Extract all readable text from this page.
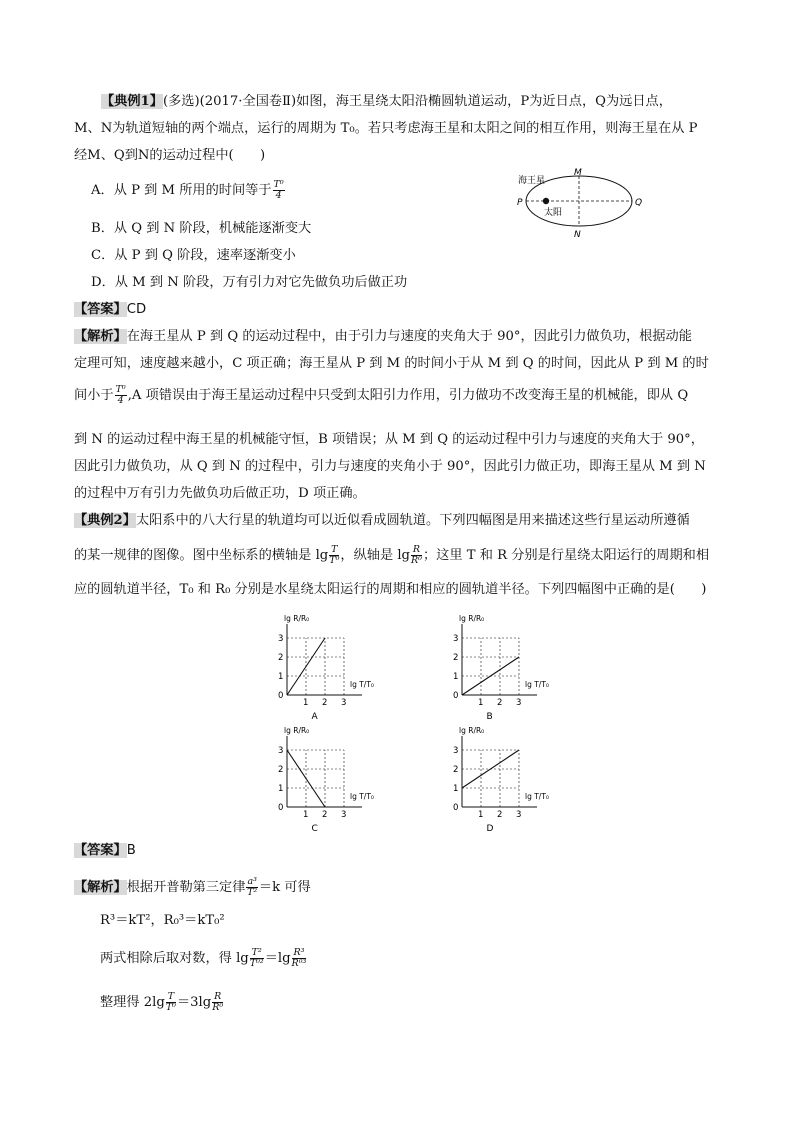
【典例1】(多选)(2017·全国卷Ⅱ)如图，海王星绕太阳沿椭圆轨道运动，P为近日点，Q为远日点，
M、N为轨道短轴的两个端点，运行的周期为 T₀。若只考虑海王星和太阳之间的相互作用，则海王星在从 P
经M、Q到N的运动过程中(　　)
A．从 P 到 M 所用的时间等于 $\frac{\text{T⁰}}{4}$
B．从 Q 到 N 阶段，机械能逐渐变大
C．从 P 到 Q 阶段，速率逐渐变小
D．从 M 到 N 阶段，万有引力对它先做负功后做正功
海王星
太阳
M
N
P	Q
【答案】CD
【解析】在海王星从 P 到 Q 的运动过程中，由于引力与速度的夹角大于 90°，因此引力做负功，根据动能
定理可知，速度越来越小，C 项正确；海王星从 P 到 M 的时间小于从 M 到 Q 的时间，因此从 P 到 M 的时
间小于 $\frac{\text{T⁰}}{4} ,A$ 项错误由于海王星运动过程中只受到太阳引力作用，引力做功不改变海王星的机械能，即从 Q
到 N 的运动过程中海王星的机械能守恒，B 项错误；从 M 到 Q 的运动过程中引力与速度的夹角大于 90°，
因此引力做负功，从 Q 到 N 的过程中，引力与速度的夹角小于 90°，因此引力做正功，即海王星从 M 到 N
的过程中万有引力先做负功后做正功，D 项正确。
【典例2】太阳系中的八大行星的轨道均可以近似看成圆轨道。下列四幅图是用来描述这些行星运动所遵循
的某一规律的图像。图中坐标系的横轴是 $\lg \frac{T}{\text{T⁰}}$ ，纵轴是 $\lg \frac{R}{\text{R⁰}}$ ；这里 T 和 R 分别是行星绕太阳运行的周期和相
应的圆轨道半径，T₀ 和 R₀ 分别是水星绕太阳运行的周期和相应的圆轨道半径。下列四幅图中正确的是(　　)
1
1
2
2
3
3
0
lg T/T₀
lg R/R₀
A
1
1
2
2
3
3
0
lg T/T₀
lg R/R₀
B
1
1
2
2
3
3
0
lg T/T₀
lg R/R₀
C
1
1
2
2
3
3
0
lg T/T₀
lg R/R₀
D
【答案】B
【解析】根据开普勒第三定律 $\frac{\text{a³}}{\text{T²}} =k$ 可得
R³＝kT²，R₀³＝kT₀²
两式相除后取对数，得 $\lg \frac{\text{T²}}{\text{T⁰²}} =\lg \frac{\text{R³}}{\text{R⁰³}}$
整理得 $2\lg \frac{T}{\text{T⁰}} =3\lg \frac{R}{\text{R⁰}}$
